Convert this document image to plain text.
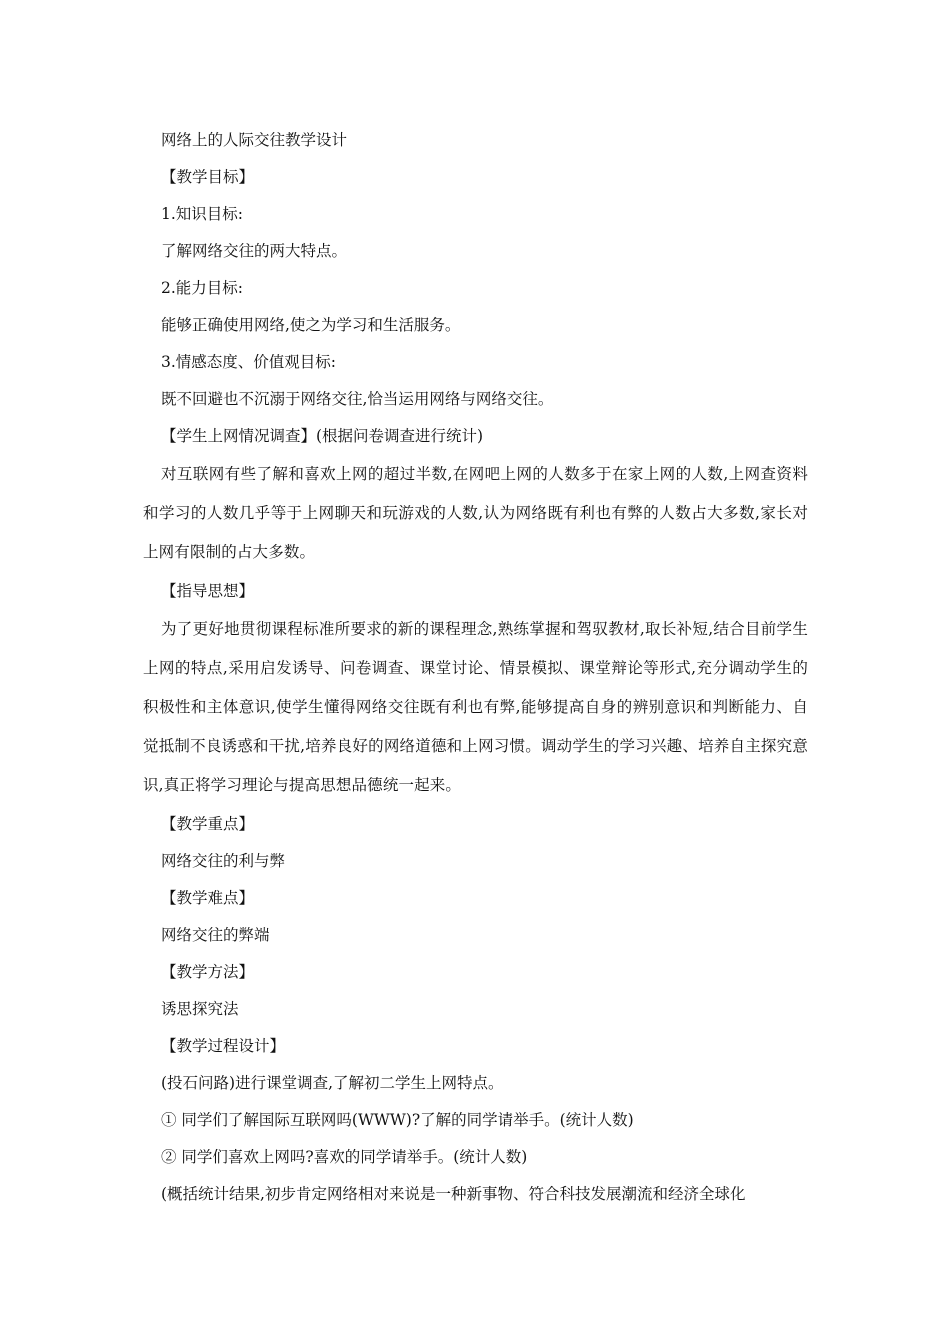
网络上的人际交往教学设计
【教学目标】
1.知识目标:
了解网络交往的两大特点。
2.能力目标:
能够正确使用网络,使之为学习和生活服务。
3.情感态度、价值观目标:
既不回避也不沉溺于网络交往,恰当运用网络与网络交往。
【学生上网情况调查】(根据问卷调查进行统计)
对互联网有些了解和喜欢上网的超过半数,在网吧上网的人数多于在家上网的人数,上网查资料和学习的人数几乎等于上网聊天和玩游戏的人数,认为网络既有利也有弊的人数占大多数,家长对上网有限制的占大多数。
【指导思想】
为了更好地贯彻课程标准所要求的新的课程理念,熟练掌握和驾驭教材,取长补短,结合目前学生上网的特点,采用启发诱导、问卷调查、课堂讨论、情景模拟、课堂辩论等形式,充分调动学生的积极性和主体意识,使学生懂得网络交往既有利也有弊,能够提高自身的辨别意识和判断能力、自觉抵制不良诱惑和干扰,培养良好的网络道德和上网习惯。调动学生的学习兴趣、培养自主探究意识,真正将学习理论与提高思想品德统一起来。
【教学重点】
网络交往的利与弊
【教学难点】
网络交往的弊端
【教学方法】
诱思探究法
【教学过程设计】
(投石问路)进行课堂调查,了解初二学生上网特点。
① 同学们了解国际互联网吗(WWW)?了解的同学请举手。(统计人数)
② 同学们喜欢上网吗?喜欢的同学请举手。(统计人数)
(概括统计结果,初步肯定网络相对来说是一种新事物、符合科技发展潮流和经济全球化
